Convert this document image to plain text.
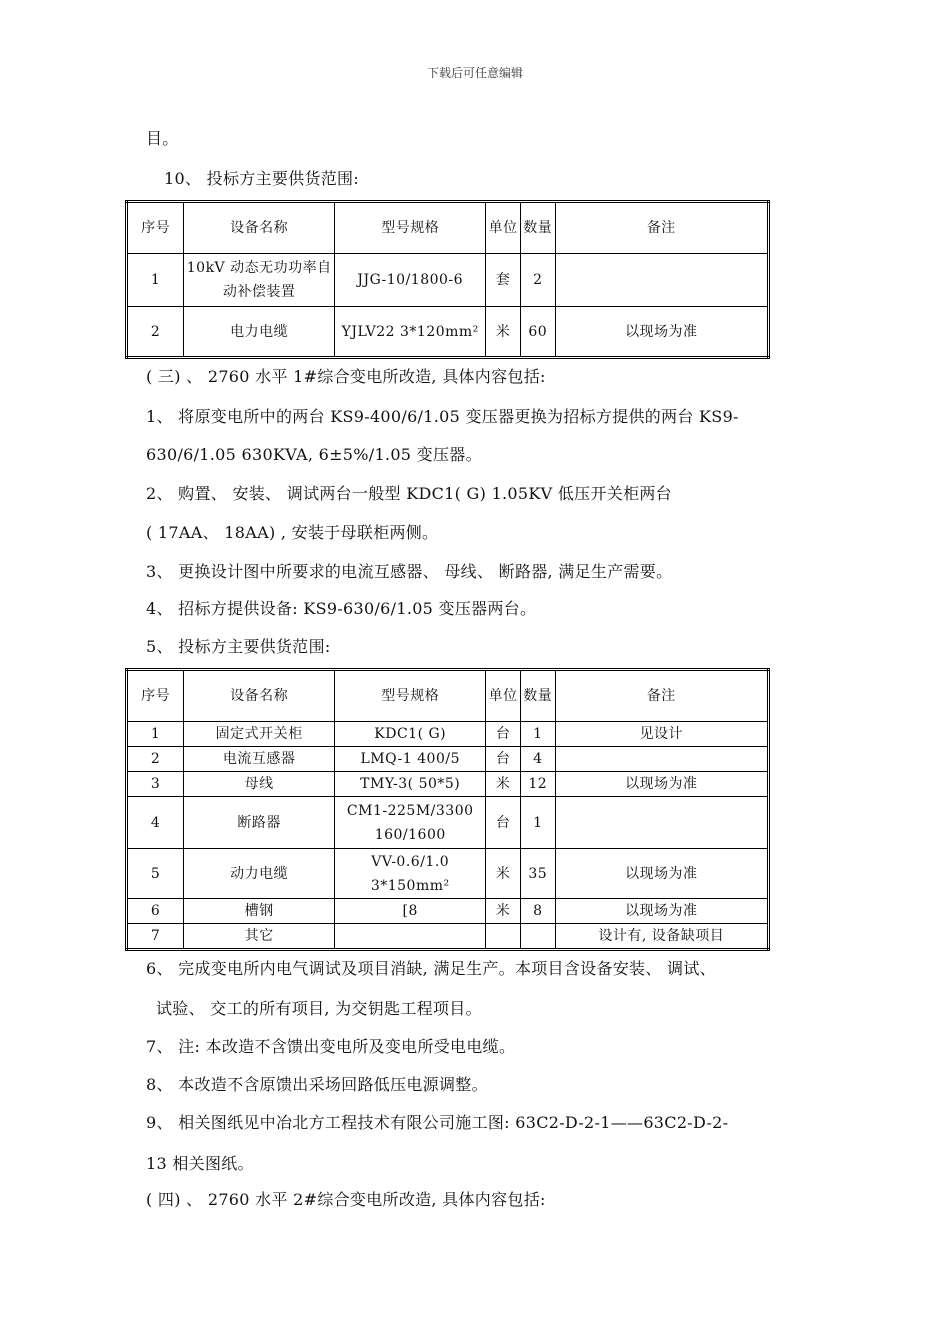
下载后可任意编辑
目。
10、 投标方主要供货范围:
序号	设备名称	型号规格	单位	数量	备注
1	10kV 动态无功功率自动补偿装置	JJG-10/1800-6	套	2	
2	电力电缆	YJLV22 3*120mm²	米	60	以现场为准
( 三) 、 2760 水平 1#综合变电所改造, 具体内容包括:
1、 将原变电所中的两台 KS9-400/6/1.05 变压器更换为招标方提供的两台 KS9-
630/6/1.05 630KVA, 6±5%/1.05 变压器。
2、 购置、 安装、 调试两台一般型 KDC1( G) 1.05KV 低压开关柜两台
( 17AA、 18AA) , 安装于母联柜两侧。
3、 更换设计图中所要求的电流互感器、 母线、 断路器, 满足生产需要。
4、 招标方提供设备: KS9-630/6/1.05 变压器两台。
5、 投标方主要供货范围:
序号	设备名称	型号规格	单位	数量	备注
1	固定式开关柜	KDC1( G)	台	1	见设计
2	电流互感器	LMQ-1 400/5	台	4	
3	母线	TMY-3( 50*5)	米	12	以现场为准
4	断路器	CM1-225M/3300 160/1600	台	1	
5	动力电缆	VV-0.6/1.0 3*150mm²	米	35	以现场为准
6	槽钢	[8	米	8	以现场为准
7	其它				设计有, 设备缺项目
6、 完成变电所内电气调试及项目消缺, 满足生产。本项目含设备安装、 调试、
试验、 交工的所有项目, 为交钥匙工程项目。
7、 注: 本改造不含馈出变电所及变电所受电电缆。
8、 本改造不含原馈出采场回路低压电源调整。
9、 相关图纸见中冶北方工程技术有限公司施工图: 63C2-D-2-1——63C2-D-2-
13 相关图纸。
( 四) 、 2760 水平 2#综合变电所改造, 具体内容包括:
